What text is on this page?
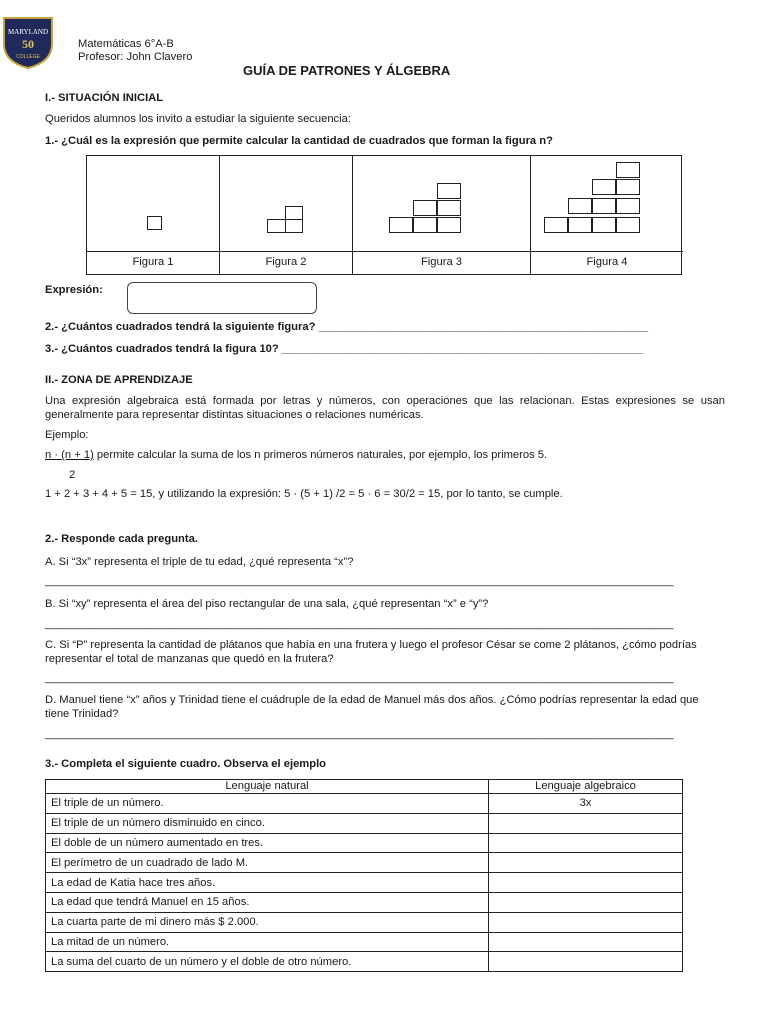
MARYLAND
50
COLLEGE
Matemáticas 6°A-B
Profesor: John Clavero
GUÍA DE PATRONES Y ÁLGEBRA
I.- SITUACIÓN INICIAL
Queridos alumnos los invito a estudiar la siguiente secuencia:
1.- ¿Cuál es la expresión que permite calcular la cantidad de cuadrados que forman la figura n?
Figura 1	Figura 2	Figura 3	Figura 4
Expresión:
2.- ¿Cuántos cuadrados tendrá la siguiente figura? _____________________________________________________
3.- ¿Cuántos cuadrados tendrá la figura 10? __________________________________________________________
II.- ZONA DE APRENDIZAJE
Una expresión algebraica está formada por letras y números, con operaciones que las relacionan. Estas expresiones se usan generalmente para representar distintas situaciones o relaciones numéricas.
Ejemplo:
n · (n + 1) permite calcular la suma de los n primeros números naturales, por ejemplo, los primeros 5.
2
1 + 2 + 3 + 4 + 5 = 15, y utilizando la expresión: 5 · (5 + 1) /2 = 5 · 6 = 30/2 = 15, por lo tanto, se cumple.
2.- Responde cada pregunta.
A. Si “3x” representa el triple de tu edad, ¿qué representa “x”?
_____________________________________________________________________________________________________
B. Si “xy” representa el área del piso rectangular de una sala, ¿qué representan “x” e “y”?
_____________________________________________________________________________________________________
C. Si “P” representa la cantidad de plátanos que había en una frutera y luego el profesor César se come 2 plátanos, ¿cómo podrías representar el total de manzanas que quedó en la frutera?
_____________________________________________________________________________________________________
D. Manuel tiene “x” años y Trinidad tiene el cuádruple de la edad de Manuel más dos años. ¿Cómo podrías representar la edad que tiene Trinidad?
_____________________________________________________________________________________________________
3.- Completa el siguiente cuadro. Observa el ejemplo
Lenguaje natural	Lenguaje algebraico
El triple de un número.	3x
El triple de un número disminuido en cinco.	
El doble de un número aumentado en tres.	
El perímetro de un cuadrado de lado M.	
La edad de Katia hace tres años.	
La edad que tendrá Manuel en 15 años.	
La cuarta parte de mi dinero más $ 2.000.	
La mitad de un número.	
La suma del cuarto de un número y el doble de otro número.	
